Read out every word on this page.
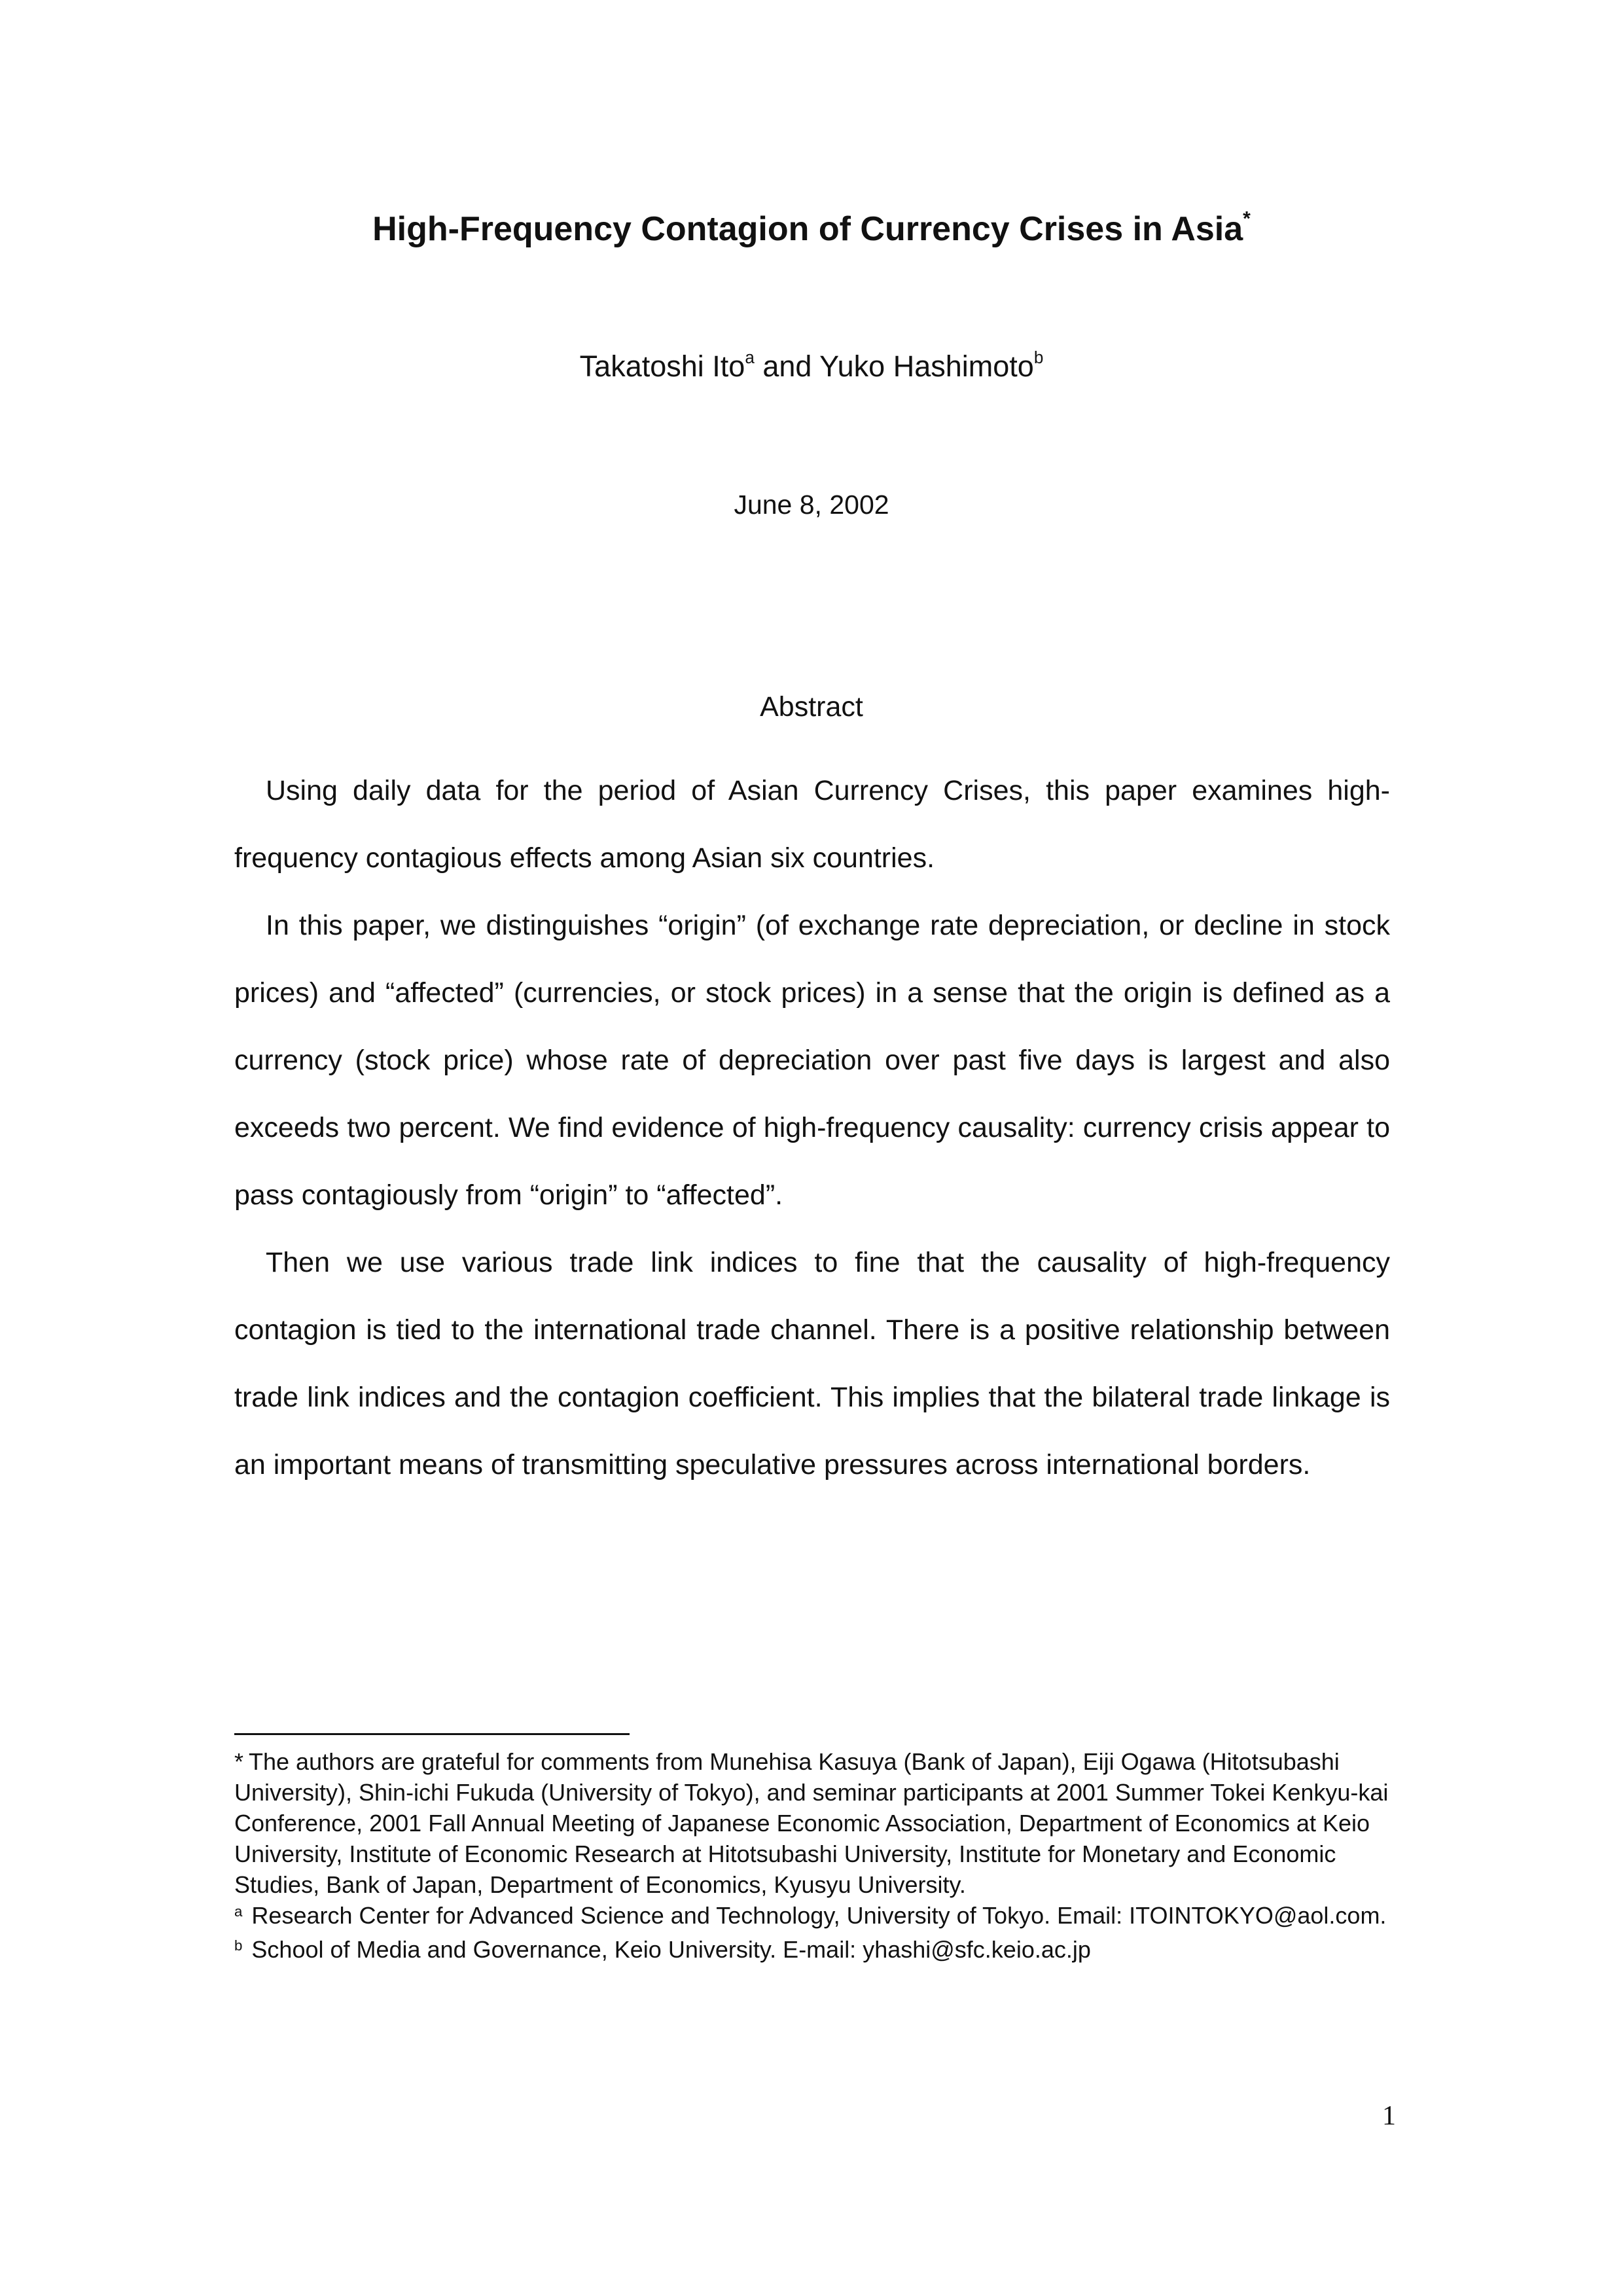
High-Frequency Contagion of Currency Crises in Asia*
Takatoshi Ito$^a$ and Yuko Hashimoto$^b$
June 8, 2002
Abstract

Using daily data for the period of Asian Currency Crises, this paper examines high-frequency contagious effects among Asian six countries.

In this paper, we distinguishes “origin” (of exchange rate depreciation, or decline in stock prices) and “affected” (currencies, or stock prices) in a sense that the origin is defined as a currency (stock price) whose rate of depreciation over past five days is largest and also exceeds two percent. We find evidence of high-frequency causality: currency crisis appear to pass contagiously from “origin” to “affected”.

Then we use various trade link indices to fine that the causality of high-frequency contagion is tied to the international trade channel. There is a positive relationship between trade link indices and the contagion coefficient. This implies that the bilateral trade linkage is an important means of transmitting speculative pressures across international borders.

* The authors are grateful for comments from Munehisa Kasuya (Bank of Japan), Eiji Ogawa (Hitotsubashi University), Shin-ichi Fukuda (University of Tokyo), and seminar participants at 2001 Summer Tokei Kenkyu-kai Conference, 2001 Fall Annual Meeting of Japanese Economic Association, Department of Economics at Keio University, Institute of Economic Research at Hitotsubashi University, Institute for Monetary and Economic Studies, Bank of Japan, Department of Economics, Kyusyu University.

$^a$ Research Center for Advanced Science and Technology, University of Tokyo. Email: ITOINTOKYO@aol.com.

$^b$ School of Media and Governance, Keio University. E-mail: yhashi@sfc.keio.ac.jp

1
